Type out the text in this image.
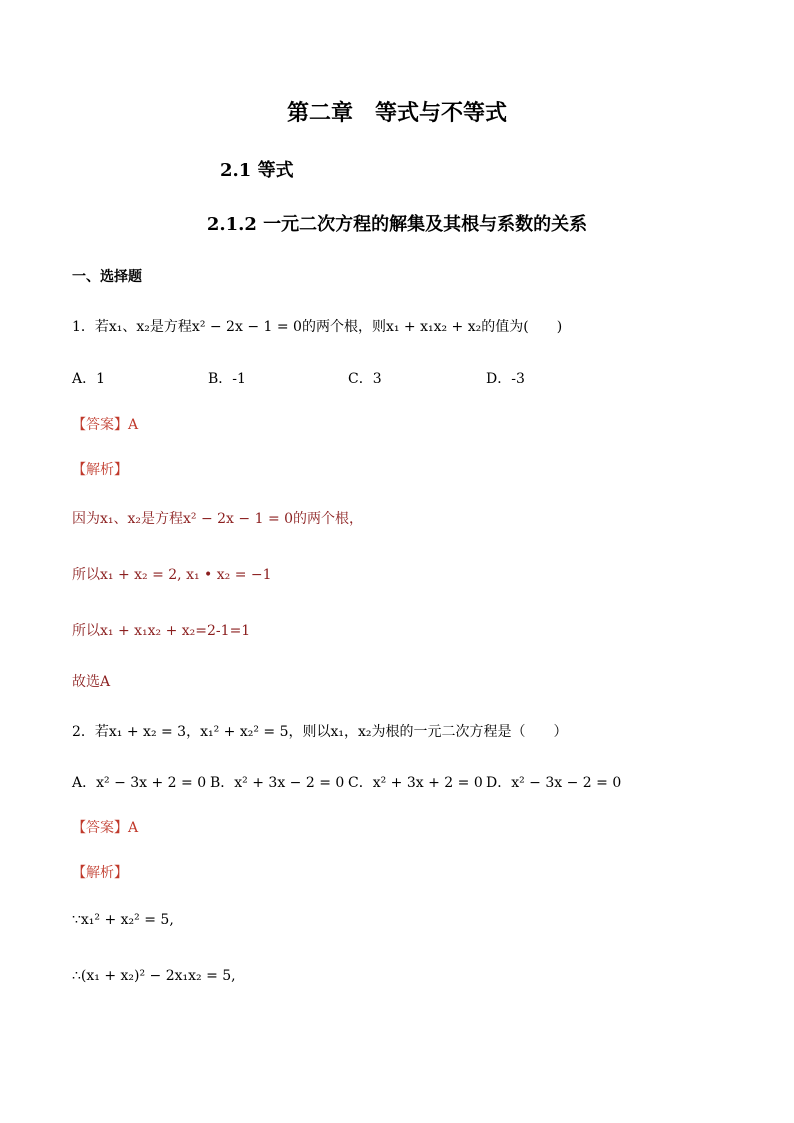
第二章　等式与不等式
2.1 等式
2.1.2 一元二次方程的解集及其根与系数的关系
一、选择题
1．若x₁、x₂是方程x² − 2x − 1 = 0的两个根，则x₁ + x₁x₂ + x₂的值为(　　)
A．1	B．-1	C．3	D．-3
【答案】A
【解析】
因为x₁、x₂是方程x² − 2x − 1 = 0的两个根，
所以x₁ + x₂ = 2, x₁ • x₂ = −1
所以x₁ + x₁x₂ + x₂=2-1=1
故选A
2．若x₁ + x₂ = 3，x₁² + x₂² = 5，则以x₁，x₂为根的一元二次方程是（　　）
A．x² − 3x + 2 = 0 B．x² + 3x − 2 = 0 C．x² + 3x + 2 = 0 D．x² − 3x − 2 = 0
【答案】A
【解析】
∵x₁² + x₂² = 5,
∴(x₁ + x₂)² − 2x₁x₂ = 5,
